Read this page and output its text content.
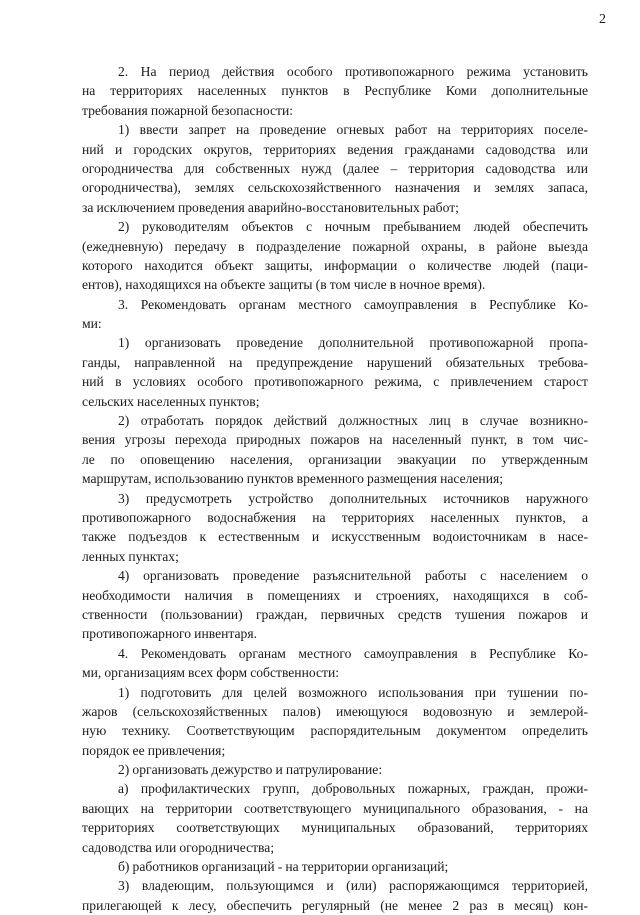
2
2. На период действия особого противопожарного режима установить
на территориях населенных пунктов в Республике Коми дополнительные
требования пожарной безопасности:
1) ввести запрет на проведение огневых работ на территориях поселе-
ний и городских округов, территориях ведения гражданами садоводства или
огородничества для собственных нужд (далее – территория садоводства или
огородничества), землях сельскохозяйственного назначения и землях запаса,
за исключением проведения аварийно-восстановительных работ;
2) руководителям объектов с ночным пребыванием людей обеспечить
(ежедневную) передачу в подразделение пожарной охраны, в районе выезда
которого находится объект защиты, информации о количестве людей (паци-
ентов), находящихся на объекте защиты (в том числе в ночное время).
3. Рекомендовать органам местного самоуправления в Республике Ко-
ми:
1) организовать проведение дополнительной противопожарной пропа-
ганды, направленной на предупреждение нарушений обязательных требова-
ний в условиях особого противопожарного режима, с привлечением старост
сельских населенных пунктов;
2) отработать порядок действий должностных лиц в случае возникно-
вения угрозы перехода природных пожаров на населенный пункт, в том чис-
ле по оповещению населения, организации эвакуации по утвержденным
маршрутам, использованию пунктов временного размещения населения;
3) предусмотреть устройство дополнительных источников наружного
противопожарного водоснабжения на территориях населенных пунктов, а
также подъездов к естественным и искусственным водоисточникам в насе-
ленных пунктах;
4) организовать проведение разъяснительной работы с населением о
необходимости наличия в помещениях и строениях, находящихся в соб-
ственности (пользовании) граждан, первичных средств тушения пожаров и
противопожарного инвентаря.
4. Рекомендовать органам местного самоуправления в Республике Ко-
ми, организациям всех форм собственности:
1) подготовить для целей возможного использования при тушении по-
жаров (сельскохозяйственных палов) имеющуюся водовозную и землерой-
ную технику. Соответствующим распорядительным документом определить
порядок ее привлечения;
2) организовать дежурство и патрулирование:
а) профилактических групп, добровольных пожарных, граждан, прожи-
вающих на территории соответствующего муниципального образования, - на
территориях соответствующих муниципальных образований, территориях
садоводства или огородничества;
б) работников организаций - на территории организаций;
3) владеющим, пользующимся и (или) распоряжающимся территорией,
прилегающей к лесу, обеспечить регулярный (не менее 2 раз в месяц) кон-
